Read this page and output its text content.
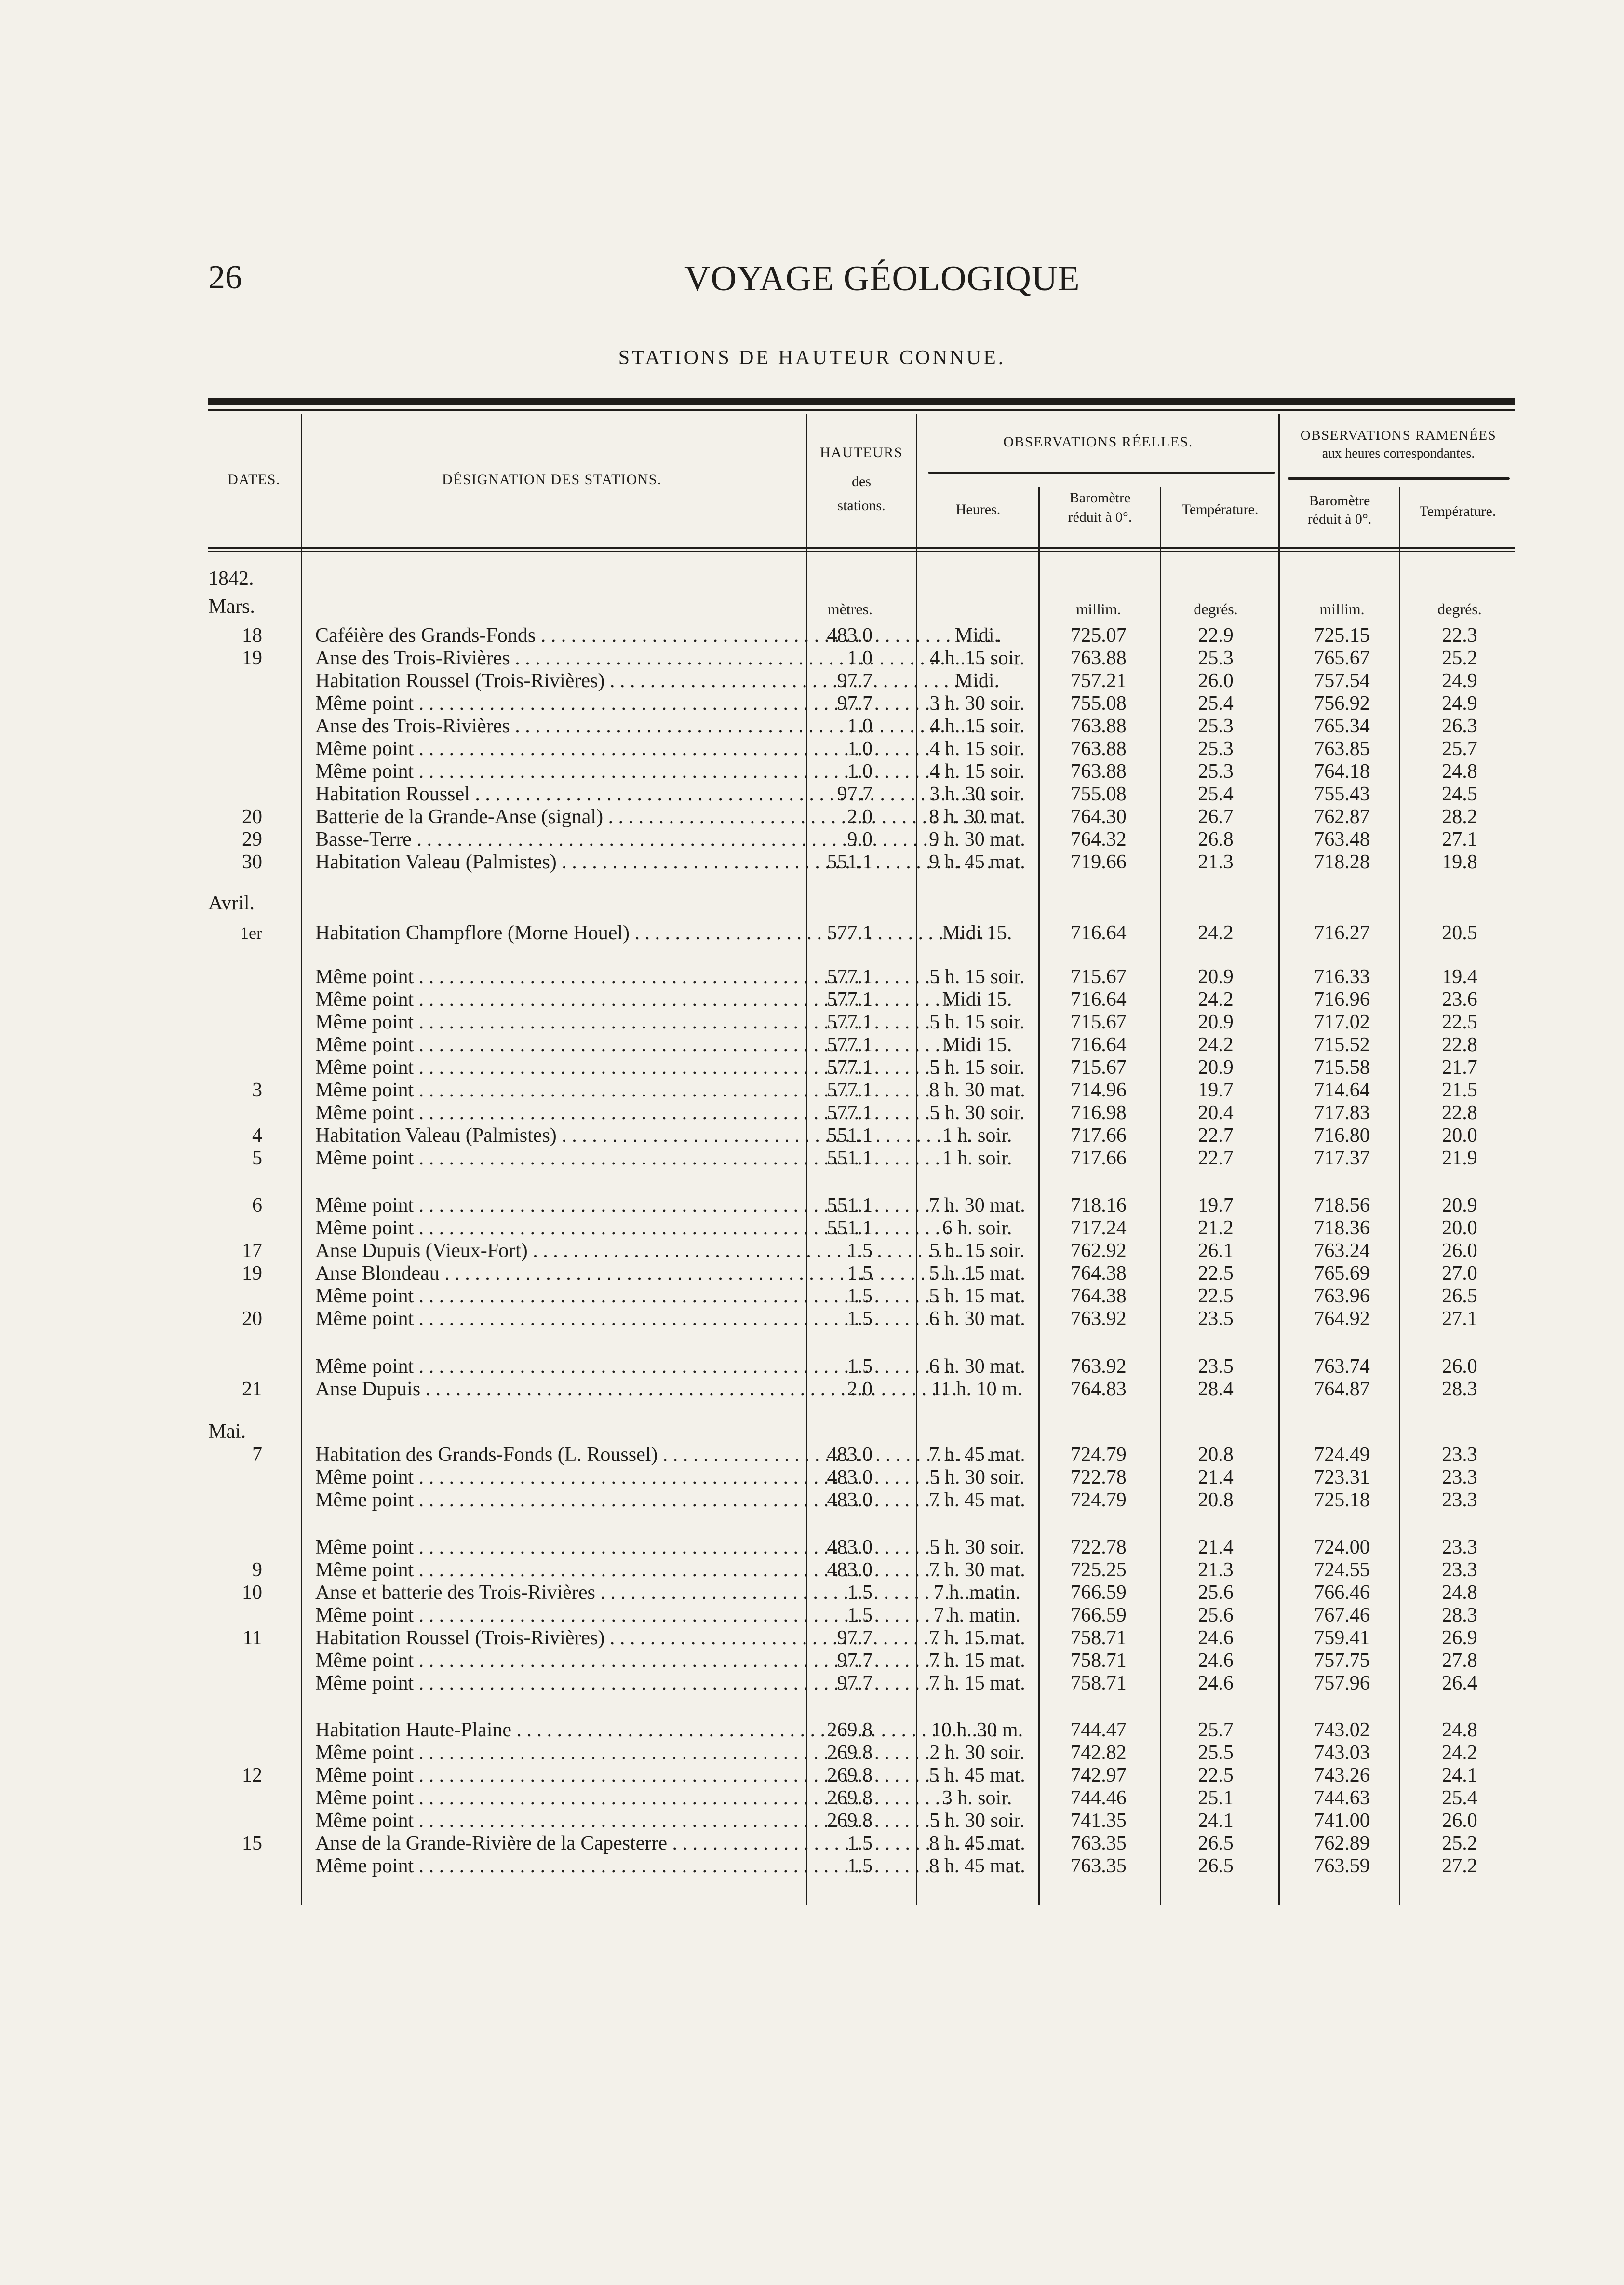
26	VOYAGE GÉOLOGIQUE
STATIONS DE HAUTEUR CONNUE.
DATES.	DÉSIGNATION DES STATIONS.
HAUTEURS
des
stations.
OBSERVATIONS RÉELLES.	OBSERVATIONS RAMENÉES
aux heures correspondantes.
Heures.
Baromètre
réduit à 0°.	Température.
Baromètre
réduit à 0°.	Température.
1842.
Mars.
Avril.
Mai.
mètres.	millim.	degrés.	millim.	degrés.
18	Caféière des Grands-Fonds . . .	483.0	Midi.	725.07	22.9	725.15	22.3
19	Anse des Trois-Rivières . . .	1.0	4 h. 15 soir.	763.88	25.3	765.67	25.2
Habitation Roussel (Trois-Rivières) . . .	97.7	Midi.	757.21	26.0	757.54	24.9
Même point . . .	97.7	3 h. 30 soir.	755.08	25.4	756.92	24.9
Anse des Trois-Rivières . . .	1.0	4 h. 15 soir.	763.88	25.3	765.34	26.3
Même point . . .	1.0	4 h. 15 soir.	763.88	25.3	763.85	25.7
Même point . . .	1.0	4 h. 15 soir.	763.88	25.3	764.18	24.8
Habitation Roussel . . .	97.7	3 h. 30 soir.	755.08	25.4	755.43	24.5
20	Batterie de la Grande-Anse (signal) . . .	2.0	8 h. 30 mat.	764.30	26.7	762.87	28.2
29	Basse-Terre . . .	9.0	9 h. 30 mat.	764.32	26.8	763.48	27.1
30	Habitation Valeau (Palmistes) . . .	551.1	9 h. 45 mat.	719.66	21.3	718.28	19.8
1er	Habitation Champflore (Morne Houel) . . .	577.1	Midi 15.	716.64	24.2	716.27	20.5
Même point . . .	577.1	5 h. 15 soir.	715.67	20.9	716.33	19.4
Même point . . .	577.1	Midi 15.	716.64	24.2	716.96	23.6
Même point . . .	577.1	5 h. 15 soir.	715.67	20.9	717.02	22.5
Même point . . .	577.1	Midi 15.	716.64	24.2	715.52	22.8
Même point . . .	577.1	5 h. 15 soir.	715.67	20.9	715.58	21.7
3	Même point . . .	577.1	8 h. 30 mat.	714.96	19.7	714.64	21.5
Même point . . .	577.1	5 h. 30 soir.	716.98	20.4	717.83	22.8
4	Habitation Valeau (Palmistes) . . .	551.1	1 h. soir.	717.66	22.7	716.80	20.0
5	Même point . . .	551.1	1 h. soir.	717.66	22.7	717.37	21.9
6	Même point . . .	551.1	7 h. 30 mat.	718.16	19.7	718.56	20.9
Même point . . .	551.1	6 h. soir.	717.24	21.2	718.36	20.0
17	Anse Dupuis (Vieux-Fort) . . .	1.5	5 h. 15 soir.	762.92	26.1	763.24	26.0
19	Anse Blondeau . . .	1.5	5 h. 15 mat.	764.38	22.5	765.69	27.0
Même point . . .	1.5	5 h. 15 mat.	764.38	22.5	763.96	26.5
20	Même point . . .	1.5	6 h. 30 mat.	763.92	23.5	764.92	27.1
Même point . . .	1.5	6 h. 30 mat.	763.92	23.5	763.74	26.0
21	Anse Dupuis . . .	2.0	11 h. 10 m.	764.83	28.4	764.87	28.3
7	Habitation des Grands-Fonds (L. Roussel) . . .	483.0	7 h. 45 mat.	724.79	20.8	724.49	23.3
Même point . . .	483.0	5 h. 30 soir.	722.78	21.4	723.31	23.3
Même point . . .	483.0	7 h. 45 mat.	724.79	20.8	725.18	23.3
Même point . . .	483.0	5 h. 30 soir.	722.78	21.4	724.00	23.3
9	Même point . . .	483.0	7 h. 30 mat.	725.25	21.3	724.55	23.3
10	Anse et batterie des Trois-Rivières . . .	1.5	7 h. matin.	766.59	25.6	766.46	24.8
Même point . . .	1.5	7 h. matin.	766.59	25.6	767.46	28.3
11	Habitation Roussel (Trois-Rivières) . . .	97.7	7 h. 15 mat.	758.71	24.6	759.41	26.9
Même point . . .	97.7	7 h. 15 mat.	758.71	24.6	757.75	27.8
Même point . . .	97.7	7 h. 15 mat.	758.71	24.6	757.96	26.4
Habitation Haute-Plaine . . .	269.8	10 h. 30 m.	744.47	25.7	743.02	24.8
Même point . . .	269.8	2 h. 30 soir.	742.82	25.5	743.03	24.2
12	Même point . . .	269.8	5 h. 45 mat.	742.97	22.5	743.26	24.1
Même point . . .	269.8	3 h. soir.	744.46	25.1	744.63	25.4
Même point . . .	269.8	5 h. 30 soir.	741.35	24.1	741.00	26.0
15	Anse de la Grande-Rivière de la Capesterre . . .	1.5	8 h. 45 mat.	763.35	26.5	762.89	25.2
Même point . . .	1.5	8 h. 45 mat.	763.35	26.5	763.59	27.2
